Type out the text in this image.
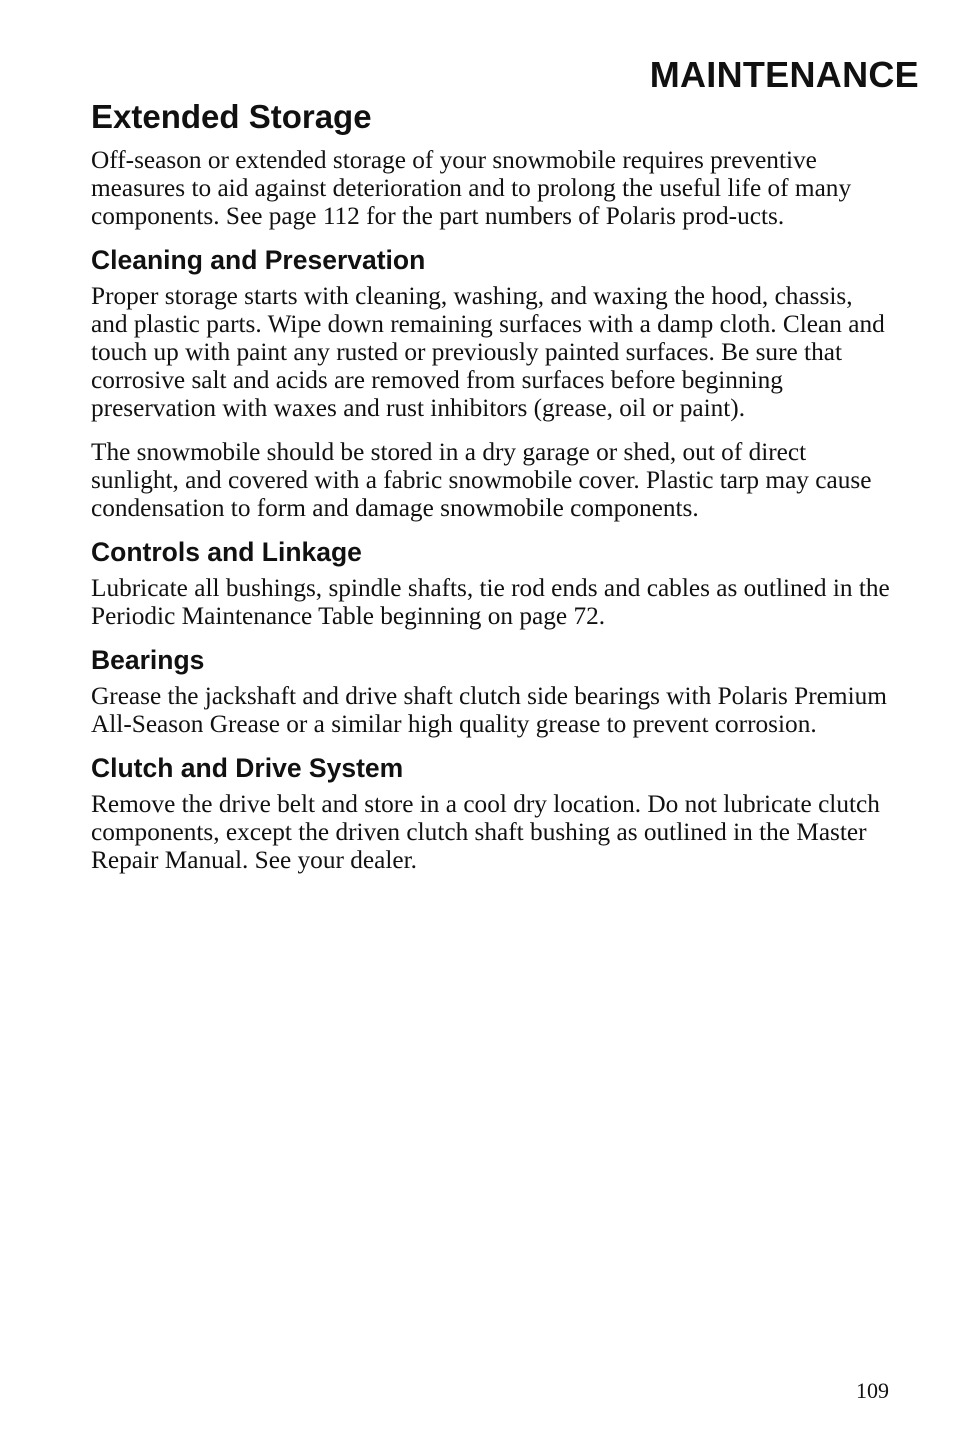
MAINTENANCE
Extended Storage

Off-season or extended storage of your snowmobile requires preventive measures to aid against deterioration and to prolong the useful life of many components. See page 112 for the part numbers of Polaris prod-ucts.

Cleaning and Preservation

Proper storage starts with cleaning, washing, and waxing the hood, chassis, and plastic parts. Wipe down remaining surfaces with a damp cloth. Clean and touch up with paint any rusted or previously painted surfaces. Be sure that corrosive salt and acids are removed from surfaces before beginning preservation with waxes and rust inhibitors (grease, oil or paint).

The snowmobile should be stored in a dry garage or shed, out of direct sunlight, and covered with a fabric snowmobile cover. Plastic tarp may cause condensation to form and damage snowmobile components.

Controls and Linkage

Lubricate all bushings, spindle shafts, tie rod ends and cables as outlined in the Periodic Maintenance Table beginning on page 72.

Bearings

Grease the jackshaft and drive shaft clutch side bearings with Polaris Premium All-Season Grease or a similar high quality grease to prevent corrosion.

Clutch and Drive System

Remove the drive belt and store in a cool dry location. Do not lubricate clutch components, except the driven clutch shaft bushing as outlined in the Master Repair Manual. See your dealer.

109
